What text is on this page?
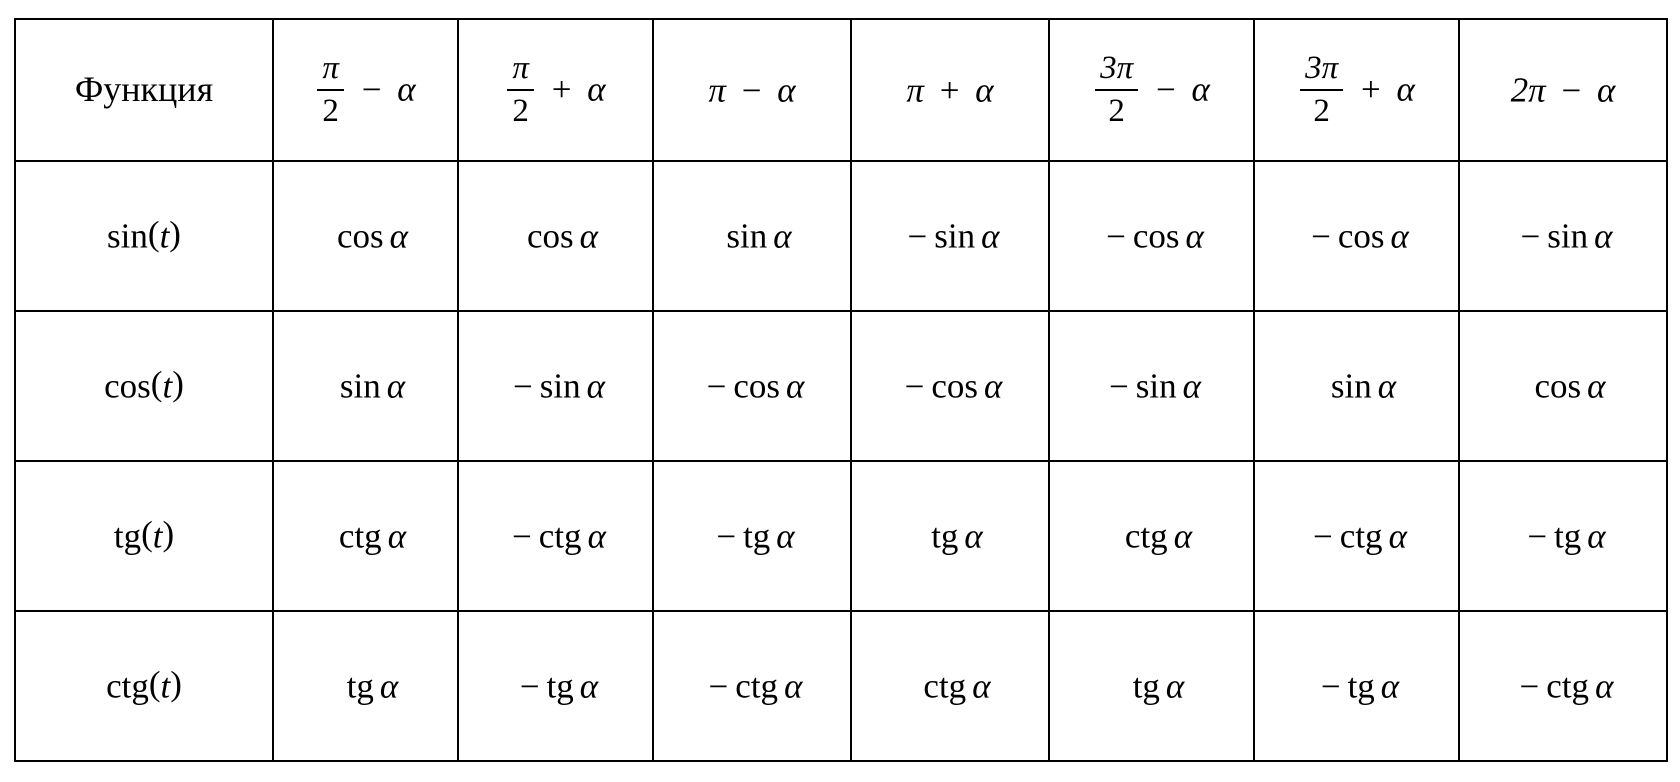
Функция	$\frac{\pi}{2} - \alpha$	$\frac{\pi}{2} + \alpha$	π − α	π + α	$\frac{3\pi}{2} - \alpha$	$\frac{3\pi}{2} + \alpha$	2π − α
sin(t)	cos α	cos α	sin α	− sin α	− cos α	− cos α	− sin α
cos(t)	sin α	− sin α	− cos α	− cos α	− sin α	sin α	cos α
tg(t)	ctg α	− ctg α	− tg α	tg α	ctg α	− ctg α	− tg α
ctg(t)	tg α	− tg α	− ctg α	ctg α	tg α	− tg α	− ctg α
